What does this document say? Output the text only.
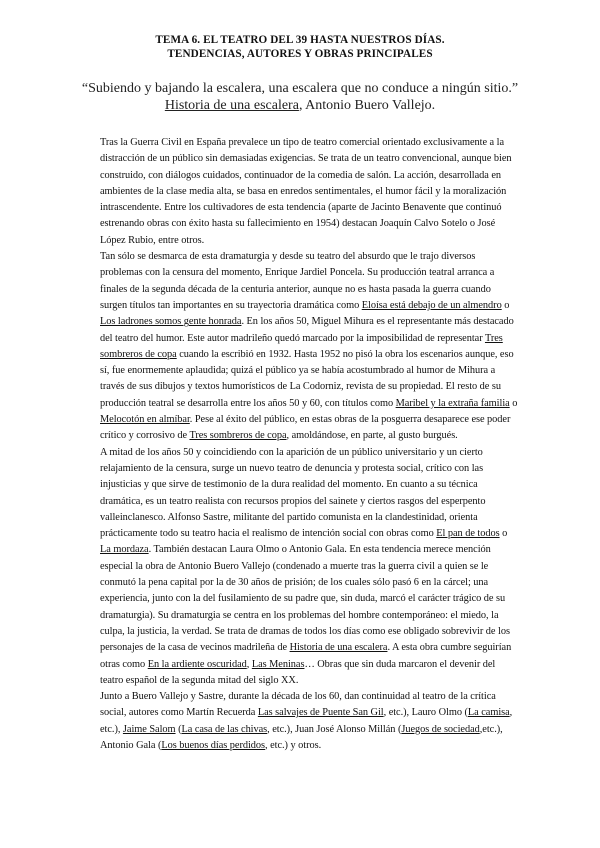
TEMA 6. EL TEATRO DEL 39 HASTA NUESTROS DÍAS.
TENDENCIAS, AUTORES Y OBRAS PRINCIPALES
“Subiendo y bajando la escalera, una escalera que no conduce a ningún sitio.”
Historia de una escalera, Antonio Buero Vallejo.
Tras la Guerra Civil en España prevalece un tipo de teatro comercial orientado exclusivamente a la
distracción de un público sin demasiadas exigencias. Se trata de un teatro convencional, aunque bien
construido, con diálogos cuidados, continuador de la comedia de salón. La acción, desarrollada en
ambientes de la clase media alta, se basa en enredos sentimentales, el humor fácil y la moralización
intrascendente. Entre los cultivadores de esta tendencia (aparte de Jacinto Benavente que continuó
estrenando obras con éxito hasta su fallecimiento en 1954) destacan Joaquín Calvo Sotelo o José
López Rubio, entre otros.
Tan sólo se desmarca de esta dramaturgia y desde su teatro del absurdo que le trajo diversos
problemas con la censura del momento, Enrique Jardiel Poncela. Su producción teatral arranca a
finales de la segunda década de la centuria anterior, aunque no es hasta pasada la guerra cuando
surgen títulos tan importantes en su trayectoria dramática como Eloísa está debajo de un almendro o
Los ladrones somos gente honrada. En los años 50, Miguel Mihura es el representante más destacado
del teatro del humor. Este autor madrileño quedó marcado por la imposibilidad de representar Tres
sombreros de copa cuando la escribió en 1932. Hasta 1952 no pisó la obra los escenarios aunque, eso
sí, fue enormemente aplaudida; quizá el público ya se había acostumbrado al humor de Mihura a
través de sus dibujos y textos humorísticos de La Codorniz, revista de su propiedad. El resto de su
producción teatral se desarrolla entre los años 50 y 60, con títulos como Maribel y la extraña familia o
Melocotón en almíbar. Pese al éxito del público, en estas obras de la posguerra desaparece ese poder
crítico y corrosivo de Tres sombreros de copa, amoldándose, en parte, al gusto burgués.
A mitad de los años 50 y coincidiendo con la aparición de un público universitario y un cierto
relajamiento de la censura, surge un nuevo teatro de denuncia y protesta social, crítico con las
injusticias y que sirve de testimonio de la dura realidad del momento. En cuanto a su técnica
dramática, es un teatro realista con recursos propios del sainete y ciertos rasgos del esperpento
valleinclanesco. Alfonso Sastre, militante del partido comunista en la clandestinidad, orienta
prácticamente todo su teatro hacia el realismo de intención social con obras como El pan de todos o
La mordaza. También destacan Laura Olmo o Antonio Gala. En esta tendencia merece mención
especial la obra de Antonio Buero Vallejo (condenado a muerte tras la guerra civil a quien se le
conmutó la pena capital por la de 30 años de prisión; de los cuales sólo pasó 6 en la cárcel; una
experiencia, junto con la del fusilamiento de su padre que, sin duda, marcó el carácter trágico de su
dramaturgia). Su dramaturgia se centra en los problemas del hombre contemporáneo: el miedo, la
culpa, la justicia, la verdad. Se trata de dramas de todos los días como ese obligado sobrevivir de los
personajes de la casa de vecinos madrileña de Historia de una escalera. A esta obra cumbre seguirían
otras como En la ardiente oscuridad, Las Meninas… Obras que sin duda marcaron el devenir del
teatro español de la segunda mitad del siglo XX.
Junto a Buero Vallejo y Sastre, durante la década de los 60, dan continuidad al teatro de la crítica
social, autores como Martín Recuerda Las salvajes de Puente San Gil, etc.), Lauro Olmo (La camisa,
etc.), Jaime Salom (La casa de las chivas, etc.), Juan José Alonso Millán (Juegos de sociedad,etc.),
Antonio Gala (Los buenos días perdidos, etc.) y otros.
